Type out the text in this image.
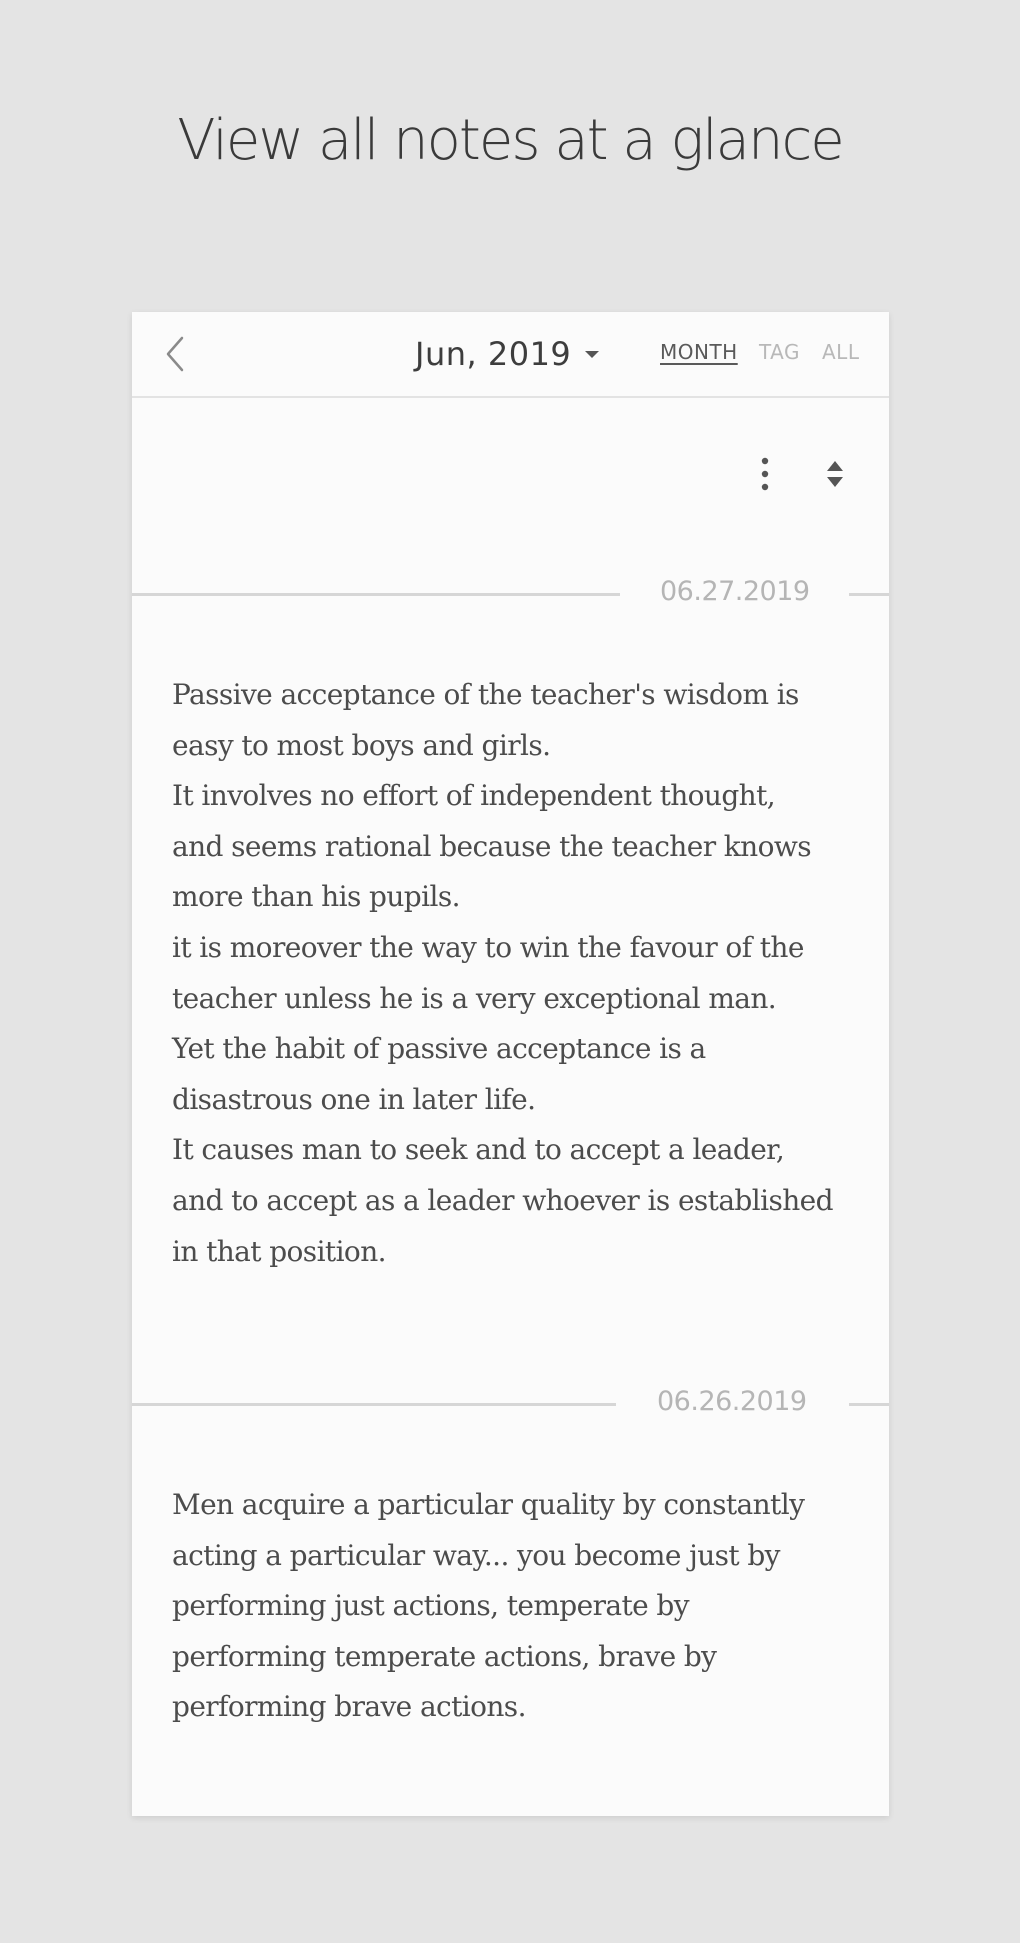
View all notes at a glance
Jun, 2019	MONTH TAG ALL
06.27.2019
Passive acceptance of the teacher's wisdom is
easy to most boys and girls.
It involves no effort of independent thought,
and seems rational because the teacher knows
more than his pupils.
it is moreover the way to win the favour of the
teacher unless he is a very exceptional man.
Yet the habit of passive acceptance is a
disastrous one in later life.
It causes man to seek and to accept a leader,
and to accept as a leader whoever is established
in that position.
06.26.2019
Men acquire a particular quality by constantly
acting a particular way... you become just by
performing just actions, temperate by
performing temperate actions, brave by
performing brave actions.
